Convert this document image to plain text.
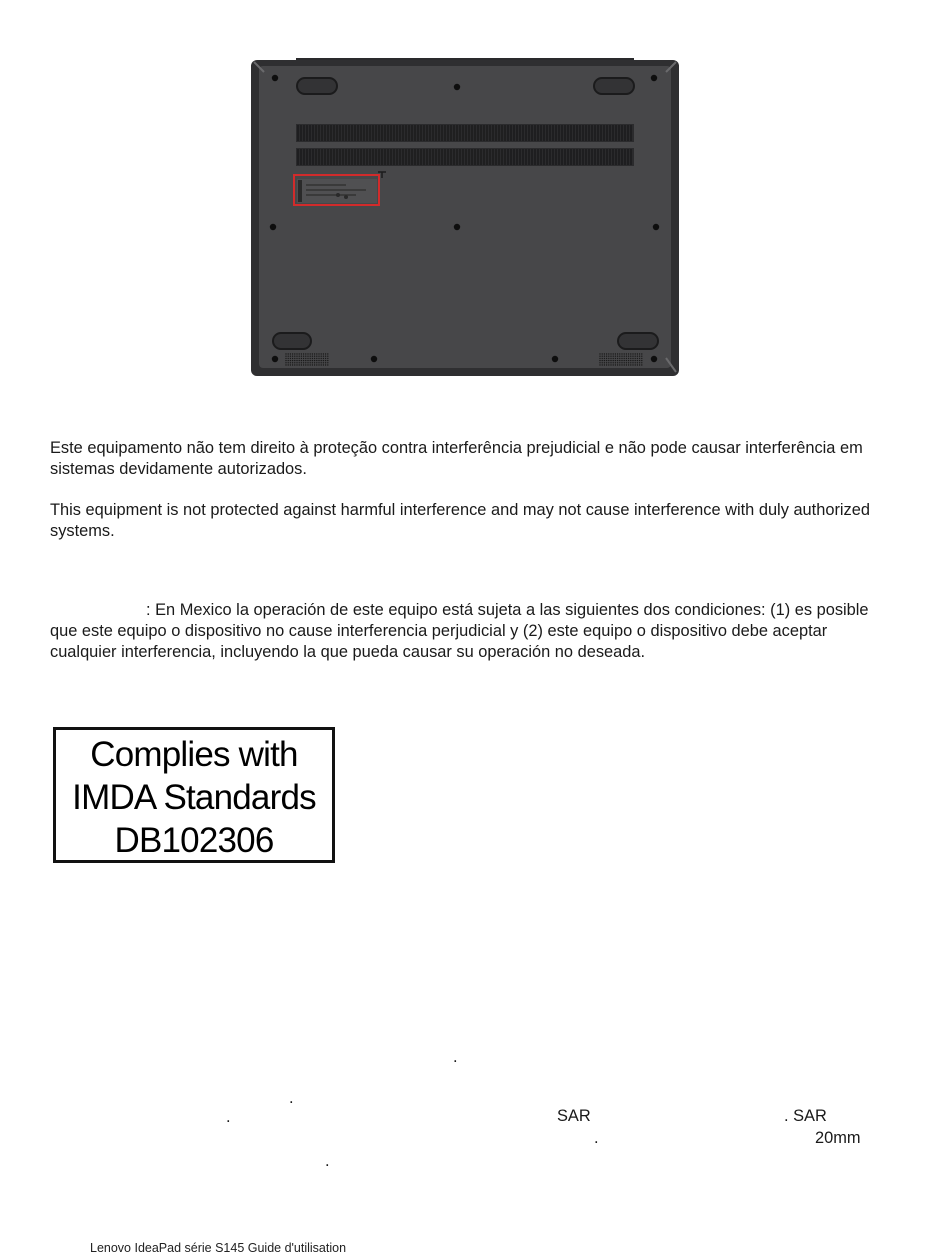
Este equipamento não tem direito à proteção contra interferência prejudicial e não pode causar interferência em sistemas devidamente autorizados.
This equipment is not protected against harmful interference and may not cause interference with duly authorized systems.
: En Mexico la operación de este equipo está sujeta a las siguientes dos condiciones: (1) es posible que este equipo o dispositivo no cause interferencia perjudicial y (2) este equipo o dispositivo debe aceptar cualquier interferencia, incluyendo la que pueda causar su operación no deseada.
Complies with
IMDA Standards
DB102306
.
.
.	SAR	. SAR
.	20mm
.
Lenovo IdeaPad série S145 Guide d'utilisation
